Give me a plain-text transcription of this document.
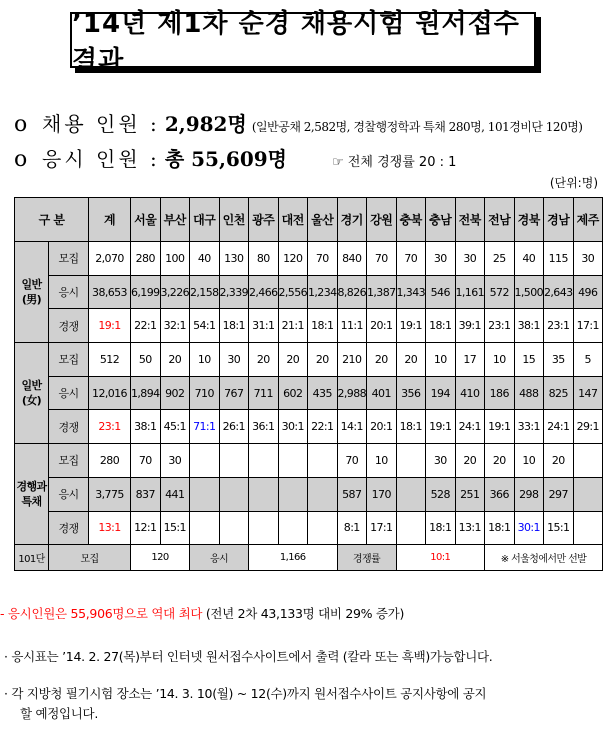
’14년 제1차 순경 채용시험 원서접수 결과
o 채용 인원 : 2,982명 (일반공채 2,582명, 경찰행정학과 특채 280명, 101경비단 120명)
o 응시 인원 : 총 55,609명	☞ 전체 경쟁률 20 : 1
(단위:명)
구 분		계	서울	부산	대구	인천	광주	대전	울산	경기	강원	충북	충남	전북	전남	경북	경남	제주
일반
(男)	모집	2,070	280	100	40	130	80	120	70	840	70	70	30	30	25	40	115	30
	응시	38,653	6,199	3,226	2,158	2,339	2,466	2,556	1,234	8,826	1,387	1,343	546	1,161	572	1,500	2,643	496
	경쟁	19:1	22:1	32:1	54:1	18:1	31:1	21:1	18:1	11:1	20:1	19:1	18:1	39:1	23:1	38:1	23:1	17:1
일반
(女)	모집	512	50	20	10	30	20	20	20	210	20	20	10	17	10	15	35	5
	응시	12,016	1,894	902	710	767	711	602	435	2,988	401	356	194	410	186	488	825	147
	경쟁	23:1	38:1	45:1	71:1	26:1	36:1	30:1	22:1	14:1	20:1	18:1	19:1	24:1	19:1	33:1	24:1	29:1
경행과
특채	모집	280	70	30						70	10		30	20	20	10	20	
	응시	3,775	837	441						587	170		528	251	366	298	297	
	경쟁	13:1	12:1	15:1						8:1	17:1		18:1	13:1	18:1	30:1	15:1	
101단	모집		120		응시		1,166			경쟁률		10:1			※ 서울청에서만 선발			
- 응시인원은 55,906명으로 역대 최다 (전년 2차 43,133명 대비 29% 증가)
· 응시표는 ’14. 2. 27(목)부터 인터넷 원서접수사이트에서 출력 (칼라 또는 흑백)가능합니다.
· 각 지방청 필기시험 장소는 ’14. 3. 10(월) ~ 12(수)까지 원서접수사이트 공지사항에 공지
할 예정입니다.
